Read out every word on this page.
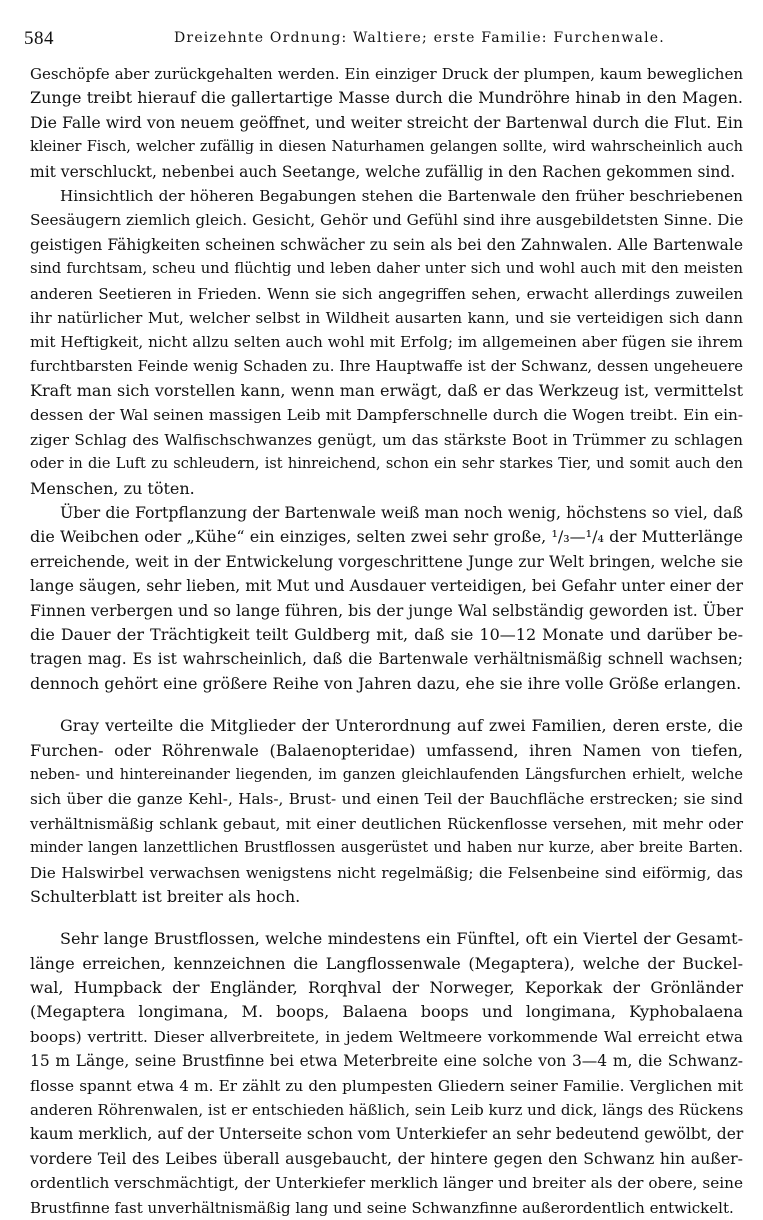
584	Dreizehnte Ordnung: Waltiere; erste Familie: Furchenwale.
Geschöpfe aber zurückgehalten werden. Ein einziger Druck der plumpen, kaum beweglichen
Zunge treibt hierauf die gallertartige Masse durch die Mundröhre hinab in den Magen.
Die Falle wird von neuem geöffnet, und weiter streicht der Bartenwal durch die Flut. Ein
kleiner Fisch, welcher zufällig in diesen Naturhamen gelangen sollte, wird wahrscheinlich auch
mit verschluckt, nebenbei auch Seetange, welche zufällig in den Rachen gekommen sind.
Hinsichtlich der höheren Begabungen stehen die Bartenwale den früher beschriebenen
Seesäugern ziemlich gleich. Gesicht, Gehör und Gefühl sind ihre ausgebildetsten Sinne. Die
geistigen Fähigkeiten scheinen schwächer zu sein als bei den Zahnwalen. Alle Bartenwale
sind furchtsam, scheu und flüchtig und leben daher unter sich und wohl auch mit den meisten
anderen Seetieren in Frieden. Wenn sie sich angegriffen sehen, erwacht allerdings zuweilen
ihr natürlicher Mut, welcher selbst in Wildheit ausarten kann, und sie verteidigen sich dann
mit Heftigkeit, nicht allzu selten auch wohl mit Erfolg; im allgemeinen aber fügen sie ihrem
furchtbarsten Feinde wenig Schaden zu. Ihre Hauptwaffe ist der Schwanz, dessen ungeheuere
Kraft man sich vorstellen kann, wenn man erwägt, daß er das Werkzeug ist, vermittelst
dessen der Wal seinen massigen Leib mit Dampferschnelle durch die Wogen treibt. Ein ein-
ziger Schlag des Walfischschwanzes genügt, um das stärkste Boot in Trümmer zu schlagen
oder in die Luft zu schleudern, ist hinreichend, schon ein sehr starkes Tier, und somit auch den
Menschen, zu töten.
Über die Fortpflanzung der Bartenwale weiß man noch wenig, höchstens so viel, daß
die Weibchen oder „Kühe“ ein einziges, selten zwei sehr große, ¹/₃—¹/₄ der Mutterlänge
erreichende, weit in der Entwickelung vorgeschrittene Junge zur Welt bringen, welche sie
lange säugen, sehr lieben, mit Mut und Ausdauer verteidigen, bei Gefahr unter einer der
Finnen verbergen und so lange führen, bis der junge Wal selbständig geworden ist. Über
die Dauer der Trächtigkeit teilt Guldberg mit, daß sie 10—12 Monate und darüber be-
tragen mag. Es ist wahrscheinlich, daß die Bartenwale verhältnismäßig schnell wachsen;
dennoch gehört eine größere Reihe von Jahren dazu, ehe sie ihre volle Größe erlangen.
Gray verteilte die Mitglieder der Unterordnung auf zwei Familien, deren erste, die
Furchen- oder Röhrenwale (Balaenopteridae) umfassend, ihren Namen von tiefen,
neben- und hintereinander liegenden, im ganzen gleichlaufenden Längsfurchen erhielt, welche
sich über die ganze Kehl-, Hals-, Brust- und einen Teil der Bauchfläche erstrecken; sie sind
verhältnismäßig schlank gebaut, mit einer deutlichen Rückenflosse versehen, mit mehr oder
minder langen lanzettlichen Brustflossen ausgerüstet und haben nur kurze, aber breite Barten.
Die Halswirbel verwachsen wenigstens nicht regelmäßig; die Felsenbeine sind eiförmig, das
Schulterblatt ist breiter als hoch.
Sehr lange Brustflossen, welche mindestens ein Fünftel, oft ein Viertel der Gesamt-
länge erreichen, kennzeichnen die Langflossenwale (Megaptera), welche der Buckel-
wal, Humpback der Engländer, Rorqhval der Norweger, Keporkak der Grönländer
(Megaptera longimana, M. boops, Balaena boops und longimana, Kyphobalaena
boops) vertritt. Dieser allverbreitete, in jedem Weltmeere vorkommende Wal erreicht etwa
15 m Länge, seine Brustfinne bei etwa Meterbreite eine solche von 3—4 m, die Schwanz-
flosse spannt etwa 4 m. Er zählt zu den plumpesten Gliedern seiner Familie. Verglichen mit
anderen Röhrenwalen, ist er entschieden häßlich, sein Leib kurz und dick, längs des Rückens
kaum merklich, auf der Unterseite schon vom Unterkiefer an sehr bedeutend gewölbt, der
vordere Teil des Leibes überall ausgebaucht, der hintere gegen den Schwanz hin außer-
ordentlich verschmächtigt, der Unterkiefer merklich länger und breiter als der obere, seine
Brustfinne fast unverhältnismäßig lang und seine Schwanzfinne außerordentlich entwickelt.
